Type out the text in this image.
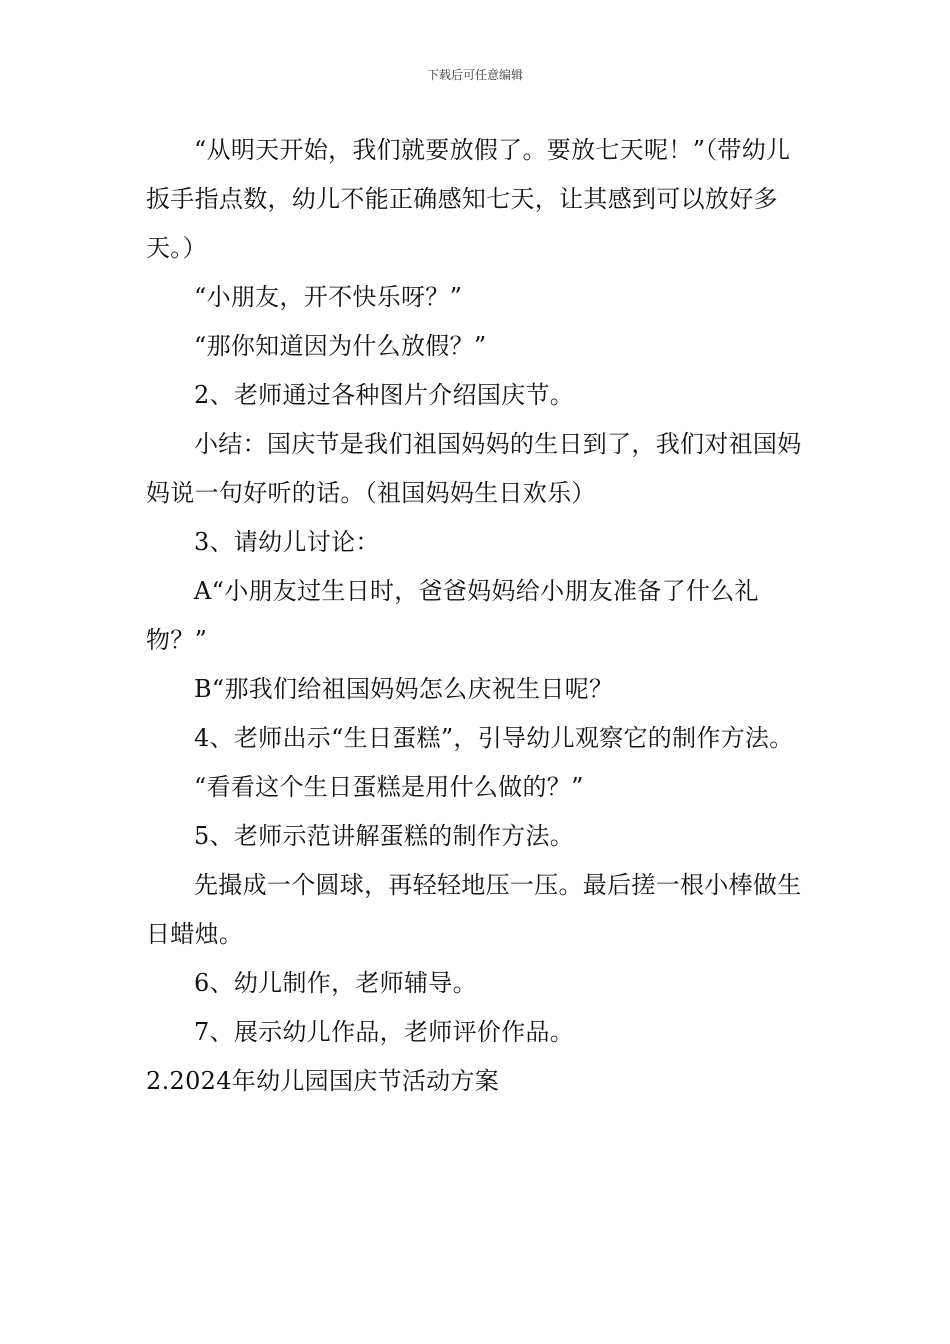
下载后可任意编辑

“从明天开始，我们就要放假了。要放七天呢！”（带幼儿扳手指点数，幼儿不能正确感知七天，让其感到可以放好多天。）

“小朋友，开不快乐呀？”

“那你知道因为什么放假？”

2、老师通过各种图片介绍国庆节。

小结：国庆节是我们祖国妈妈的生日到了，我们对祖国妈妈说一句好听的话。（祖国妈妈生日欢乐）

3、请幼儿讨论：

A“小朋友过生日时，爸爸妈妈给小朋友准备了什么礼物？”

B“那我们给祖国妈妈怎么庆祝生日呢？

4、老师出示“生日蛋糕”，引导幼儿观察它的制作方法。

“看看这个生日蛋糕是用什么做的？”

5、老师示范讲解蛋糕的制作方法。

先撮成一个圆球，再轻轻地压一压。最后搓一根小棒做生日蜡烛。

6、幼儿制作，老师辅导。

7、展示幼儿作品，老师评价作品。

2.2024年幼儿园国庆节活动方案
